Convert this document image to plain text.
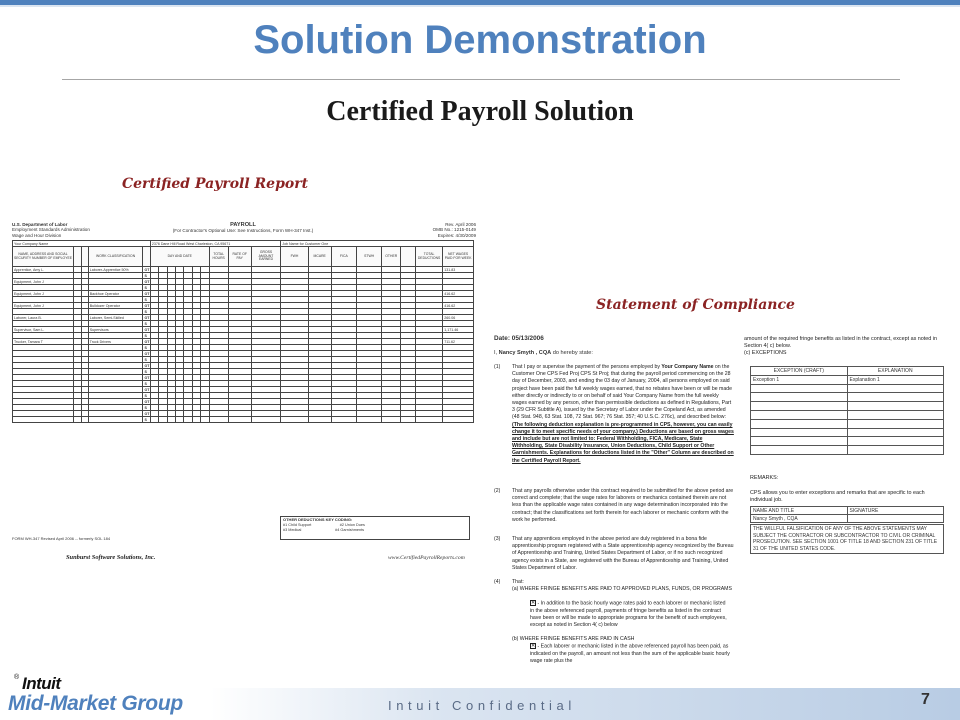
Solution Demonstration
Certified Payroll Solution
Certified Payroll Report
Statement of Compliance
U.S. Department of Labor
Employment Standards Administration
Wage and Hour Division
PAYROLL
(For Contractor's Optional Use: See Instructions, Form WH-347 Inst.)
Rev. April 2006
OMB No.: 1215-0149
Expires: 4/30/2009
Your Company Name					2376 Dane Hill Road West Charleston, CA 95671										Job Name for Customer One							
NAME, ADDRESS AND SOCIAL SECURITY NUMBER OF EMPLOYEE			WORK CLASSIFICATION		DAY AND DATE							TOTAL HOURS	RATE OF PAY	GROSS AMOUNT EARNED	FWH	MCARE	FICA	STWH	OTHER		TOTAL DEDUCTIONS	NET WAGES PAID FOR WEEK
Apprentice, Amy L.			Laborer-Apprentice 50%	OT																		131.83
				S																		
Equipment, John J				OT																		
				S																		
Equipment, John J			Backhoe Operator	OT																		416.62
				S																		
Equipment, John J			Bulldozer Operator	OT																		416.62
				S																		
Laborer, Laura B.			Laborer, Semi-Skilled	OT																		260.06
				S																		
Supervisor, Sam L.			Supervisors	OT																		1,171.46
				S																		
Trucker, Tamara T			Truck Drivers	OT																		711.62
				S																		
				OT																		
				S																		
				OT																		
				S																		
				OT																		
				S																		
				OT																		
				S																		
				OT																		
				S																		
				OT																		
				S																		
OTHER DEDUCTIONS KEY CODING:
#1 Child Support	#2 Union Dues
#3 Medical	#4 Garnishments
FORM WH-347 Revised April 2006 -- formerly SOL 184
Sunburst Software Solutions, Inc.	www.CertifiedPayrollReports.com
Date: 05/13/2006
I, Nancy Smyth , CQA do hereby state:
(1)	That I pay or supervise the payment of the persons employed by Your Company Name on the Customer One CPS Fed Proj CPS St Proj; that during the payroll period commencing on the 28 day of December, 2003, and ending the 03 day of January, 2004, all persons employed on said project have been paid the full weekly wages earned, that no rebates have been or will be made either directly or indirectly to or on behalf of said Your Company Name from the full weekly wages earned by any person, other than permissible deductions as defined in Regulations, Part 3 (29 CFR Subtitle A), issued by the Secretary of Labor under the Copeland Act, as amended (48 Stat. 948, 63 Stat. 108, 72 Stat. 967; 76 Stat. 357; 40 U.S.C. 276c), and described below: (The following deduction explanation is pre-programmed in CPS, however, you can easily change it to meet specific needs of your company.) Deductions are based on gross wages and include but are not limited to: Federal Withholding, FICA, Medicare, State Withholding, State Disability Insurance, Union Deductions, Child Support or Other Garnishments. Explanations for deductions listed in the "Other" Column are described on the Certified Payroll Report.
(2)	That any payrolls otherwise under this contract required to be submitted for the above period are correct and complete; that the wage rates for laborers or mechanics contained therein are not less than the applicable wage rates contained in any wage determination incorporated into the contract; that the classifications set forth therein for each laborer or mechanic conform with the work he performed.
(3)	That any apprentices employed in the above period are duly registered in a bona fide apprenticeship program registered with a State apprenticeship agency recognized by the Bureau of Apprenticeship and Training, United States Department of Labor, or if no such recognized agency exists in a State, are registered with the Bureau of Apprenticeship and Training, United States Department of Labor.
(4)	That:
(a) WHERE FRINGE BENEFITS ARE PAID TO APPROVED PLANS, FUNDS, OR PROGRAMS
✕ - In addition to the basic hourly wage rates paid to each laborer or mechanic listed in the above referenced payroll, payments of fringe benefits as listed in the contract have been or will be made to appropriate programs for the benefit of such employees, except as noted in Section 4( c) below
(b) WHERE FRINGE BENEFITS ARE PAID IN CASH
✕ - Each laborer or mechanic listed in the above referenced payroll has been paid, as indicated on the payroll, an amount not less than the sum of the applicable basic hourly wage rate plus the
amount of the required fringe benefits as listed in the contract, except as noted in Section 4( c) below.
(c) EXCEPTIONS
EXCEPTION (CRAFT)	EXPLANATION
Exception 1	Explanation 1

REMARKS:
CPS allows you to enter exceptions and remarks that are specific to each individual job.
NAME AND TITLE	SIGNATURE
Nancy Smyth , CQA	
THE WILLFUL FALSIFICATION OF ANY OF THE ABOVE STATEMENTS MAY SUBJECT THE CONTRACTOR OR SUBCONTRACTOR TO CIVIL OR CRIMINAL PROSECUTION. SEE SECTION 1001 OF TITLE 18 AND SECTION 231 OF TITLE 31 OF THE UNITED STATES CODE.
Intuit Confidential	7
® Intuit
Mid-Market Group
